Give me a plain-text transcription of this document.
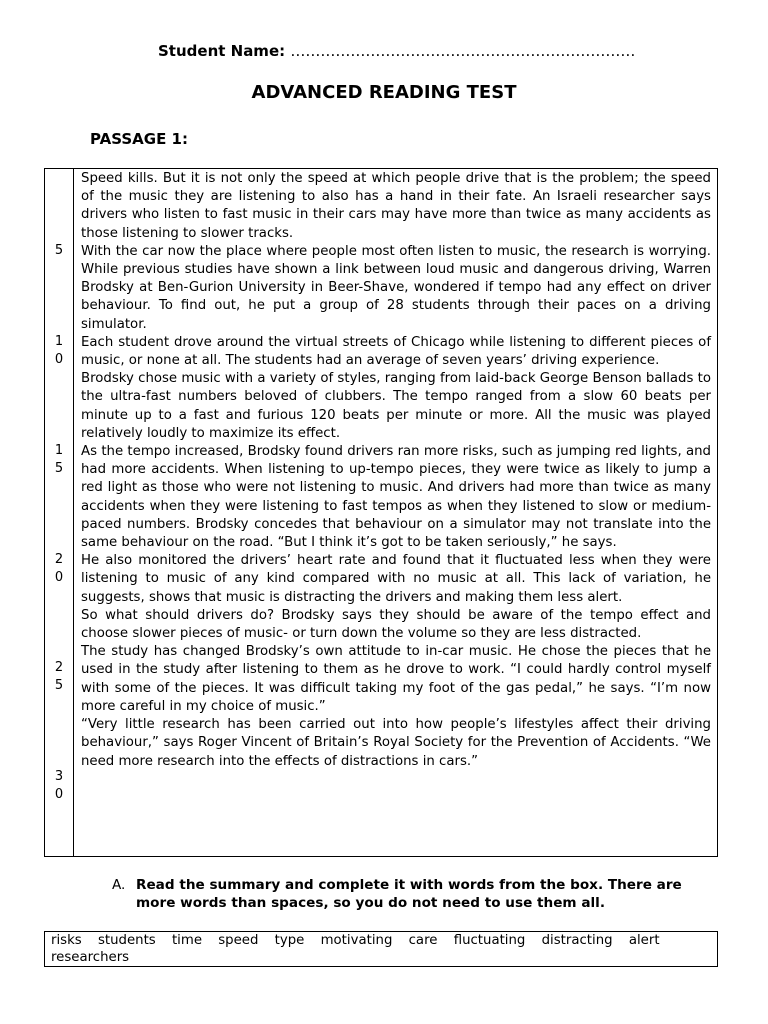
Student Name: ……………………………………………………………
ADVANCED READING TEST
PASSAGE 1:
5
1
0
1
5
2
0
2
5
3
0

Speed kills. But it is not only the speed at which people drive that is the problem; the speed of the music they are listening to also has a hand in their fate. An Israeli researcher says drivers who listen to fast music in their cars may have more than twice as many accidents as those listening to slower tracks.

With the car now the place where people most often listen to music, the research is worrying. While previous studies have shown a link between loud music and dangerous driving, Warren Brodsky at Ben-Gurion University in Beer-Shave, wondered if tempo had any effect on driver behaviour. To find out, he put a group of 28 students through their paces on a driving simulator.

Each student drove around the virtual streets of Chicago while listening to different pieces of music, or none at all. The students had an average of seven years’ driving experience.

Brodsky chose music with a variety of styles, ranging from laid-back George Benson ballads to the ultra-fast numbers beloved of clubbers. The tempo ranged from a slow 60 beats per minute up to a fast and furious 120 beats per minute or more. All the music was played relatively loudly to maximize its effect.

As the tempo increased, Brodsky found drivers ran more risks, such as jumping red lights, and had more accidents. When listening to up-tempo pieces, they were twice as likely to jump a red light as those who were not listening to music. And drivers had more than twice as many accidents when they were listening to fast tempos as when they listened to slow or medium-paced numbers. Brodsky concedes that behaviour on a simulator may not translate into the same behaviour on the road. “But I think it’s got to be taken seriously,” he says.

He also monitored the drivers’ heart rate and found that it fluctuated less when they were listening to music of any kind compared with no music at all. This lack of variation, he suggests, shows that music is distracting the drivers and making them less alert.

So what should drivers do? Brodsky says they should be aware of the tempo effect and choose slower pieces of music- or turn down the volume so they are less distracted.

The study has changed Brodsky’s own attitude to in-car music. He chose the pieces that he used in the study after listening to them as he drove to work. “I could hardly control myself with some of the pieces. It was difficult taking my foot of the gas pedal,” he says. “I’m now more careful in my choice of music.”

“Very little research has been carried out into how people’s lifestyles affect their driving behaviour,” says Roger Vincent of Britain’s Royal Society for the Prevention of Accidents. “We need more research into the effects of distractions in cars.”

A. Read the summary and complete it with words from the box. There are more words than spaces, so you do not need to use them all.
risks students time speed type motivating care fluctuating distracting alert researchers
